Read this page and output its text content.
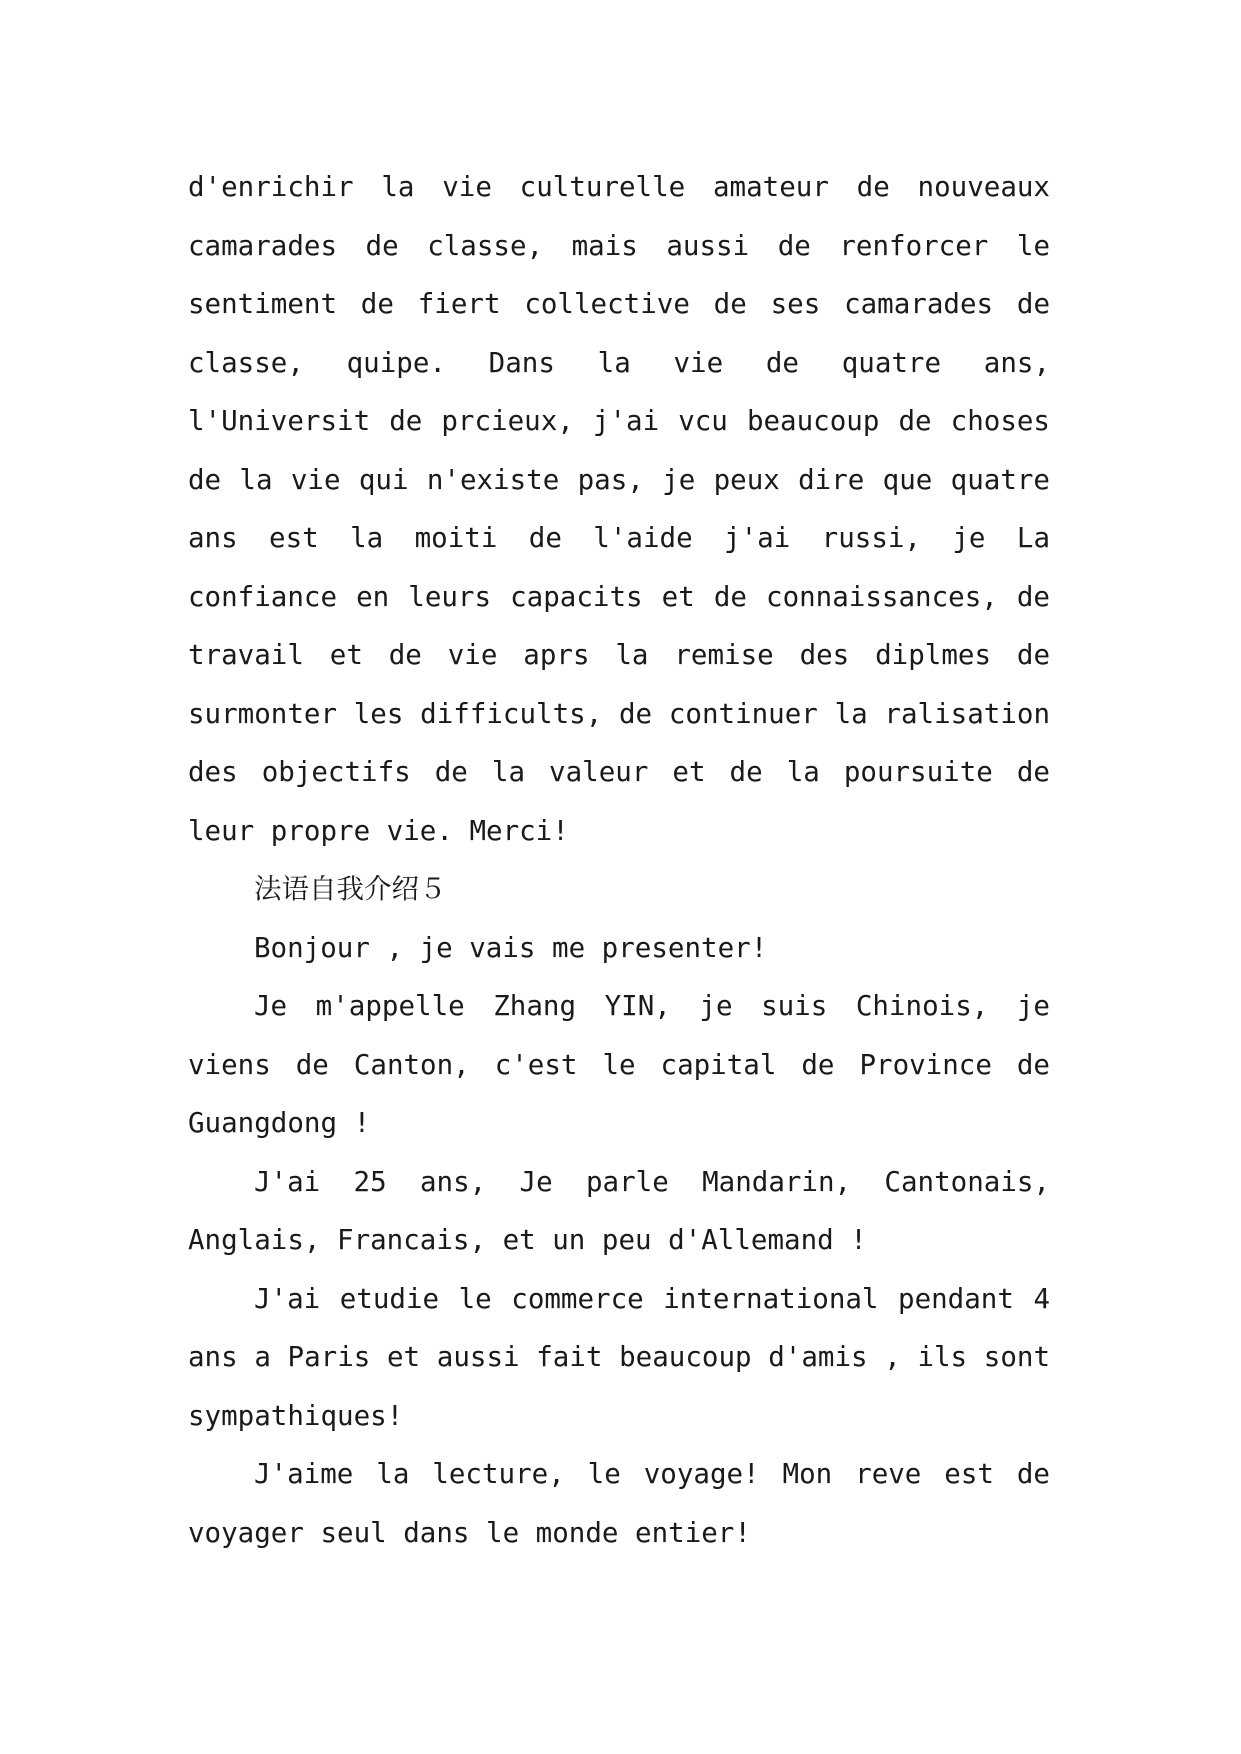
d'enrichir la vie culturelle amateur de nouveaux camarades de classe, mais aussi de renforcer le sentiment de fiert collective de ses camarades de classe, quipe. Dans la vie de quatre ans, l'Universit de prcieux, j'ai vcu beaucoup de choses de la vie qui n'existe pas, je peux dire que quatre ans est la moiti de l'aide j'ai russi, je La confiance en leurs capacits et de connaissances, de travail et de vie aprs la remise des diplmes de surmonter les difficults, de continuer la ralisation des objectifs de la valeur et de la poursuite de leur propre vie. Merci!

法语自我介绍５

Bonjour , je vais me presenter!

Je m'appelle Zhang YIN, je suis Chinois, je viens de Canton, c'est le capital de Province de Guangdong !

J'ai 25 ans, Je parle Mandarin, Cantonais, Anglais, Francais, et un peu d'Allemand !

J'ai etudie le commerce international pendant 4 ans a Paris et aussi fait beaucoup d'amis , ils sont sympathiques!

J'aime la lecture, le voyage! Mon reve est de voyager seul dans le monde entier!
